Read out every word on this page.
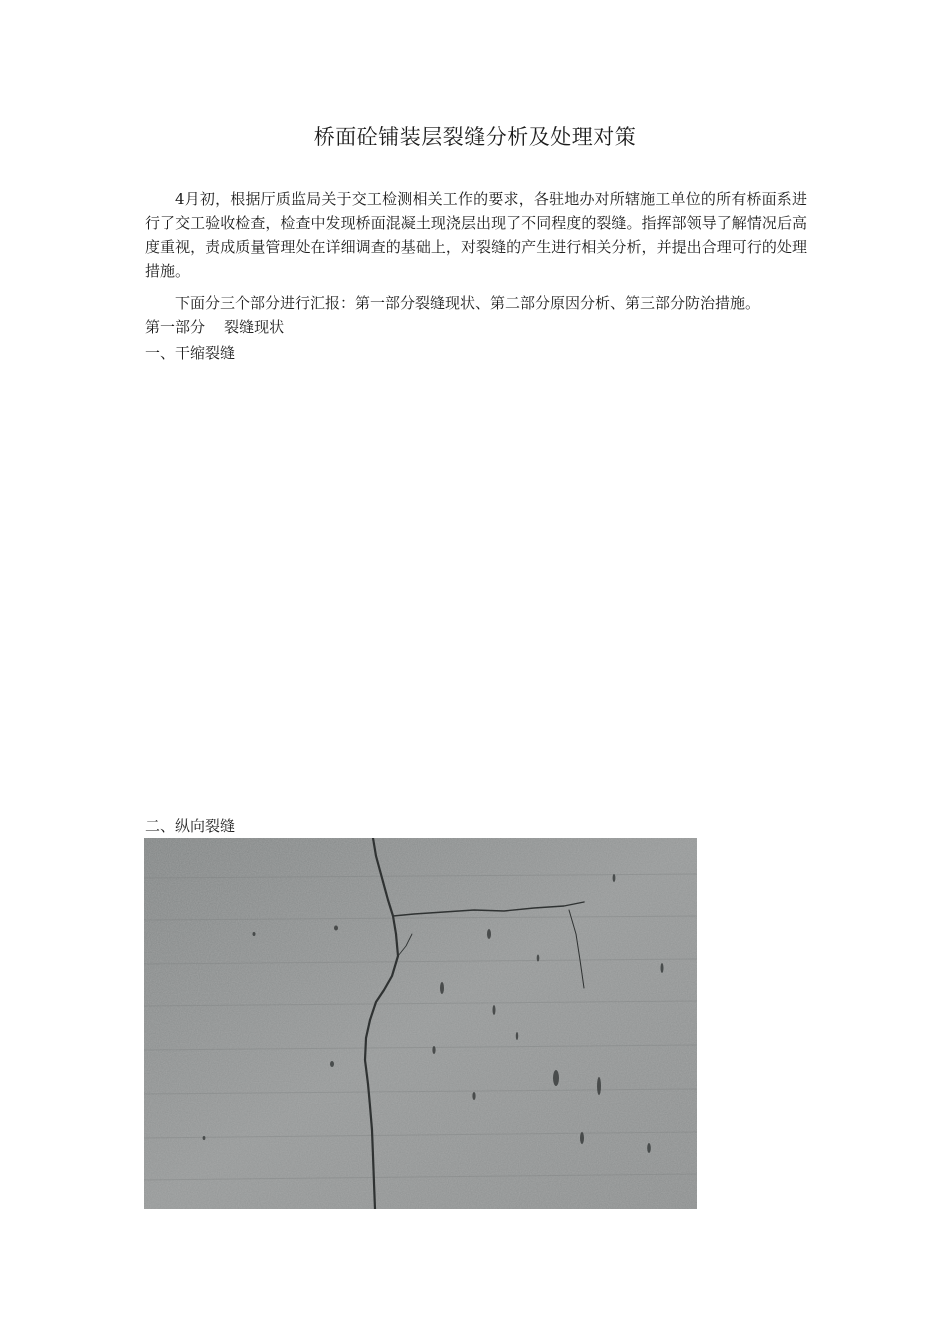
桥面砼铺装层裂缝分析及处理对策
4月初，根据厅质监局关于交工检测相关工作的要求，各驻地办对所辖施工单位的所有桥面系进行了交工验收检查，检查中发现桥面混凝土现浇层出现了不同程度的裂缝。指挥部领导了解情况后高度重视，责成质量管理处在详细调查的基础上，对裂缝的产生进行相关分析，并提出合理可行的处理措施。
下面分三个部分进行汇报：第一部分裂缝现状、第二部分原因分析、第三部分防治措施。
第一部分    裂缝现状
一、干缩裂缝
二、纵向裂缝
